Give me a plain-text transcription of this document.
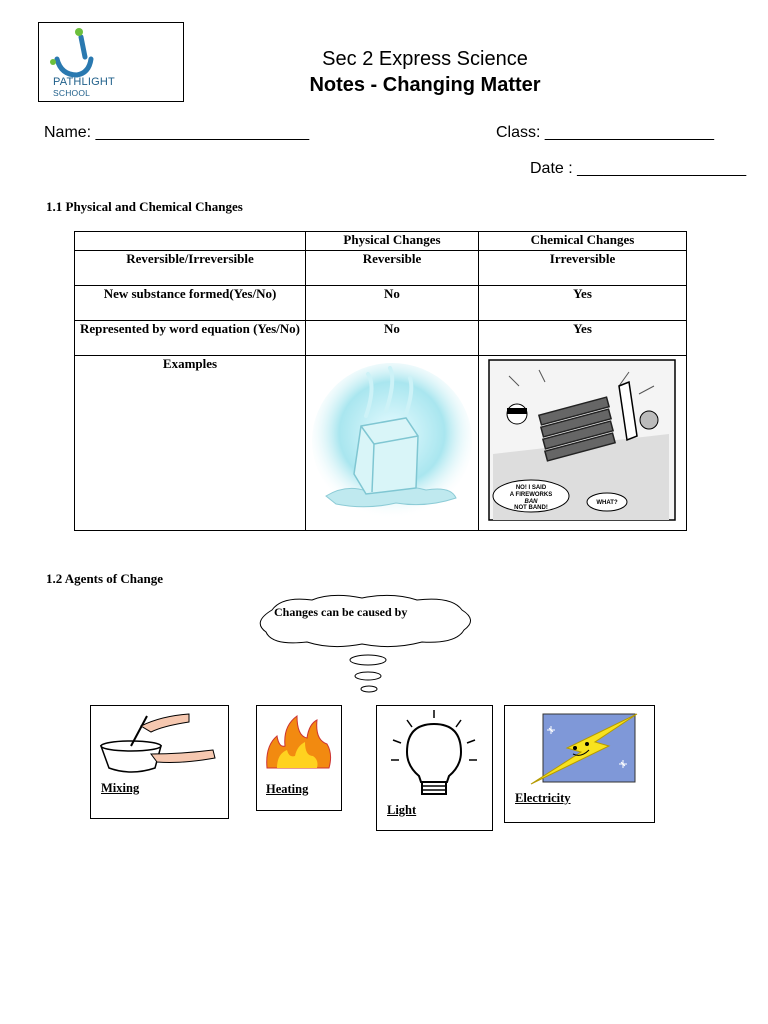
PATHLIGHT
SCHOOL
Sec 2 Express Science
Notes - Changing Matter
Name: ________________________	Class: ___________________
Date : ___________________
1.1 Physical and Chemical Changes
	Physical Changes	Chemical Changes
Reversible/Irreversible	Reversible	Irreversible
New substance formed(Yes/No)	No	Yes
Represented by word equation (Yes/No)	No	Yes
Examples		NO! I SAID
A FIREWORKS
BAN
NOT BAND!
WHAT?
1.2 Agents of Change
Changes can be caused by
Mixing	Heating
Light
Electricity
